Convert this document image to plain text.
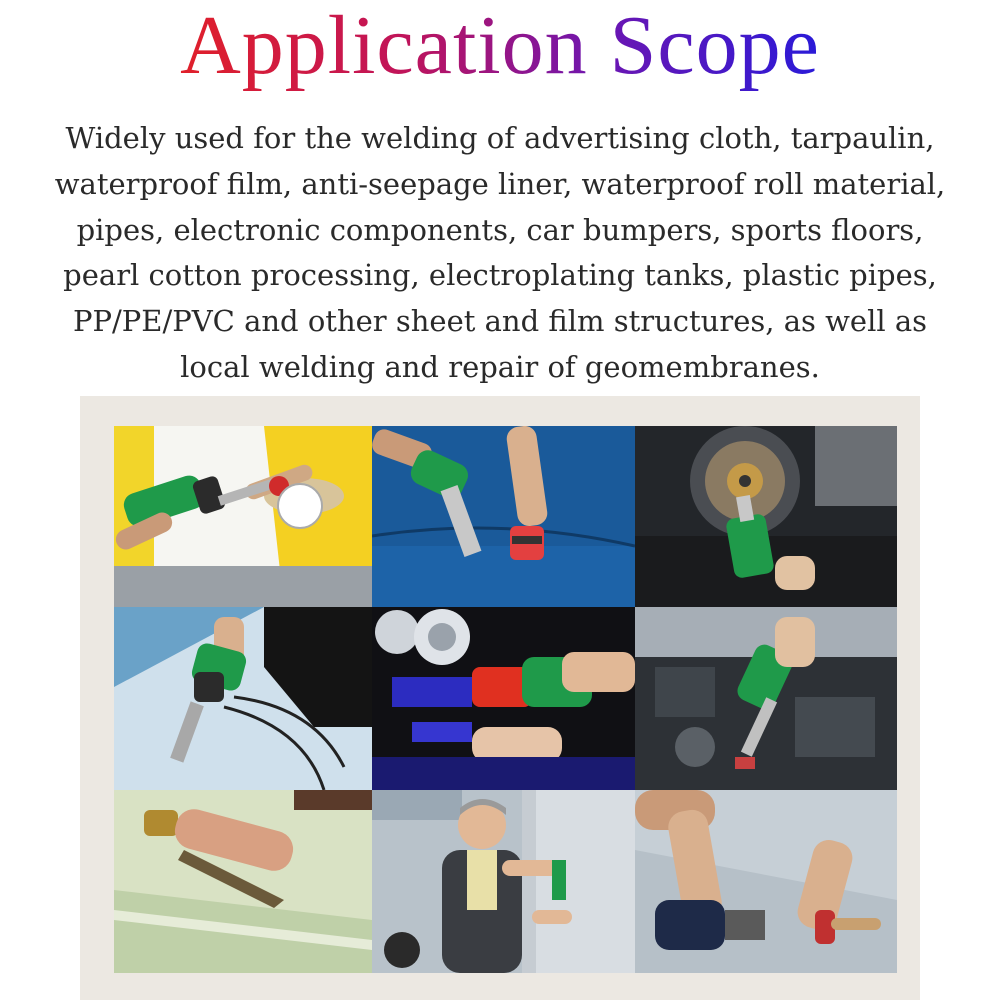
Application Scope
Widely used for the welding of advertising cloth, tarpaulin,
waterproof film, anti-seepage liner, waterproof roll material,
pipes, electronic components, car bumpers, sports floors,
pearl cotton processing, electroplating tanks, plastic pipes,
PP/PE/PVC and other sheet and film structures, as well as
local welding and repair of geomembranes.
